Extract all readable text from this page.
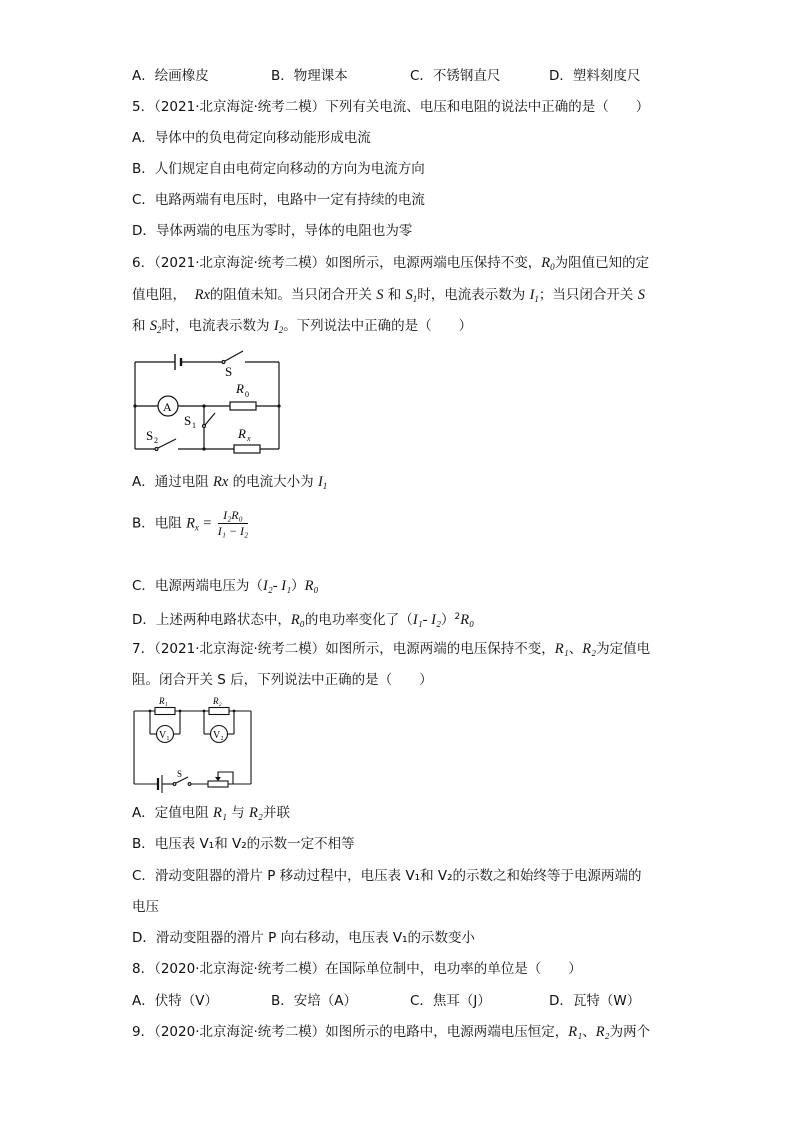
A．绘画橡皮	B．物理课本	C．不锈钢直尺	D．塑料刻度尺
5．（2021·北京海淀·统考二模）下列有关电流、电压和电阻的说法中正确的是（　　）
A．导体中的负电荷定向移动能形成电流
B．人们规定自由电荷定向移动的方向为电流方向
C．电路两端有电压时，电路中一定有持续的电流
D．导体两端的电压为零时，导体的电阻也为零
6．（2021·北京海淀·统考二模）如图所示，电源两端电压保持不变，$R_0$为阻值已知的定
值电阻， Rx的阻值未知。当只闭合开关 S 和 $S_1$时，电流表示数为 $I_1$；当只闭合开关 S
和 $S_2$时，电流表示数为 $I_2$。下列说法中正确的是（　　）
S
A
R 0
S 1
S 2	R x
A．通过电阻 Rx 的电流大小为 $I_1$
B．电阻 $R_x = \frac{\text{I₂R₀}}{\text{I₁ − I₂}}$
C．电源两端电压为（I₂- I₁）R₀
D．上述两种电路状态中，R₀的电功率变化了（I₁- I₂）$^2$R₀
7．（2021·北京海淀·统考二模）如图所示，电源两端的电压保持不变，R₁、R₂为定值电
阻。闭合开关 S 后，下列说法中正确的是（　　）
R₁	R₂
V₁	V₂
S
A．定值电阻 R₁ 与 R₂并联
B．电压表 V₁和 V₂的示数一定不相等
C．滑动变阻器的滑片 P 移动过程中，电压表 V₁和 V₂的示数之和始终等于电源两端的
电压
D．滑动变阻器的滑片 P 向右移动，电压表 V₁的示数变小
8．（2020·北京海淀·统考二模）在国际单位制中，电功率的单位是（　　）
A．伏特（V）	B．安培（A）	C．焦耳（J）	D．瓦特（W）
9．（2020·北京海淀·统考二模）如图所示的电路中，电源两端电压恒定，R₁、R₂为两个
